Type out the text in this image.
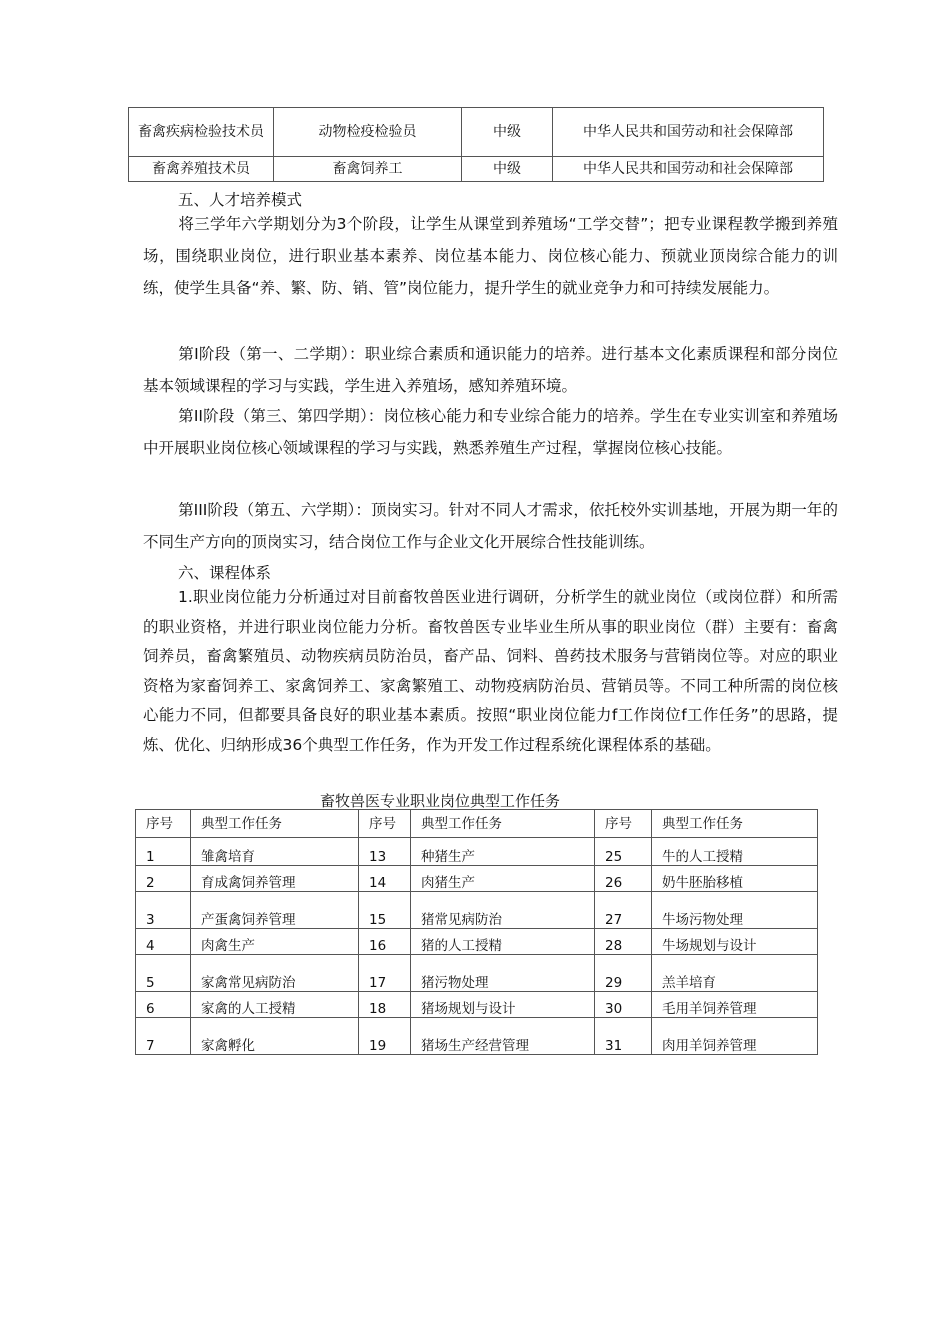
畜禽疾病检验技术员	动物检疫检验员	中级	中华人民共和国劳动和社会保障部
畜禽养殖技术员	畜禽饲养工	中级	中华人民共和国劳动和社会保障部

五、人才培养模式

将三学年六学期划分为3个阶段，让学生从课堂到养殖场“工学交替”；把专业课程教学搬到养殖场，围绕职业岗位，进行职业基本素养、岗位基本能力、岗位核心能力、预就业顶岗综合能力的训练，使学生具备“养、繁、防、销、管”岗位能力，提升学生的就业竞争力和可持续发展能力。

第I阶段（第一、二学期）：职业综合素质和通识能力的培养。进行基本文化素质课程和部分岗位基本领域课程的学习与实践，学生进入养殖场，感知养殖环境。

第II阶段（第三、第四学期）：岗位核心能力和专业综合能力的培养。学生在专业实训室和养殖场中开展职业岗位核心领域课程的学习与实践，熟悉养殖生产过程，掌握岗位核心技能。

第III阶段（第五、六学期）：顶岗实习。针对不同人才需求，依托校外实训基地，开展为期一年的不同生产方向的顶岗实习，结合岗位工作与企业文化开展综合性技能训练。

六、课程体系

1.职业岗位能力分析通过对目前畜牧兽医业进行调研，分析学生的就业岗位（或岗位群）和所需的职业资格，并进行职业岗位能力分析。畜牧兽医专业毕业生所从事的职业岗位（群）主要有：畜禽饲养员，畜禽繁殖员、动物疾病员防治员，畜产品、饲料、兽药技术服务与营销岗位等。对应的职业资格为家畜饲养工、家禽饲养工、家禽繁殖工、动物疫病防治员、营销员等。不同工种所需的岗位核心能力不同，但都要具备良好的职业基本素质。按照“职业岗位能力f工作岗位f工作任务”的思路，提炼、优化、归纳形成36个典型工作任务，作为开发工作过程系统化课程体系的基础。

畜牧兽医专业职业岗位典型工作任务
序号	典型工作任务	序号	典型工作任务	序号	典型工作任务
1	雏禽培育	13	种猪生产	25	牛的人工授精
2	育成禽饲养管理	14	肉猪生产	26	奶牛胚胎移植
3	产蛋禽饲养管理	15	猪常见病防治	27	牛场污物处理
4	肉禽生产	16	猪的人工授精	28	牛场规划与设计
5	家禽常见病防治	17	猪污物处理	29	羔羊培育
6	家禽的人工授精	18	猪场规划与设计	30	毛用羊饲养管理
7	家禽孵化	19	猪场生产经营管理	31	肉用羊饲养管理
